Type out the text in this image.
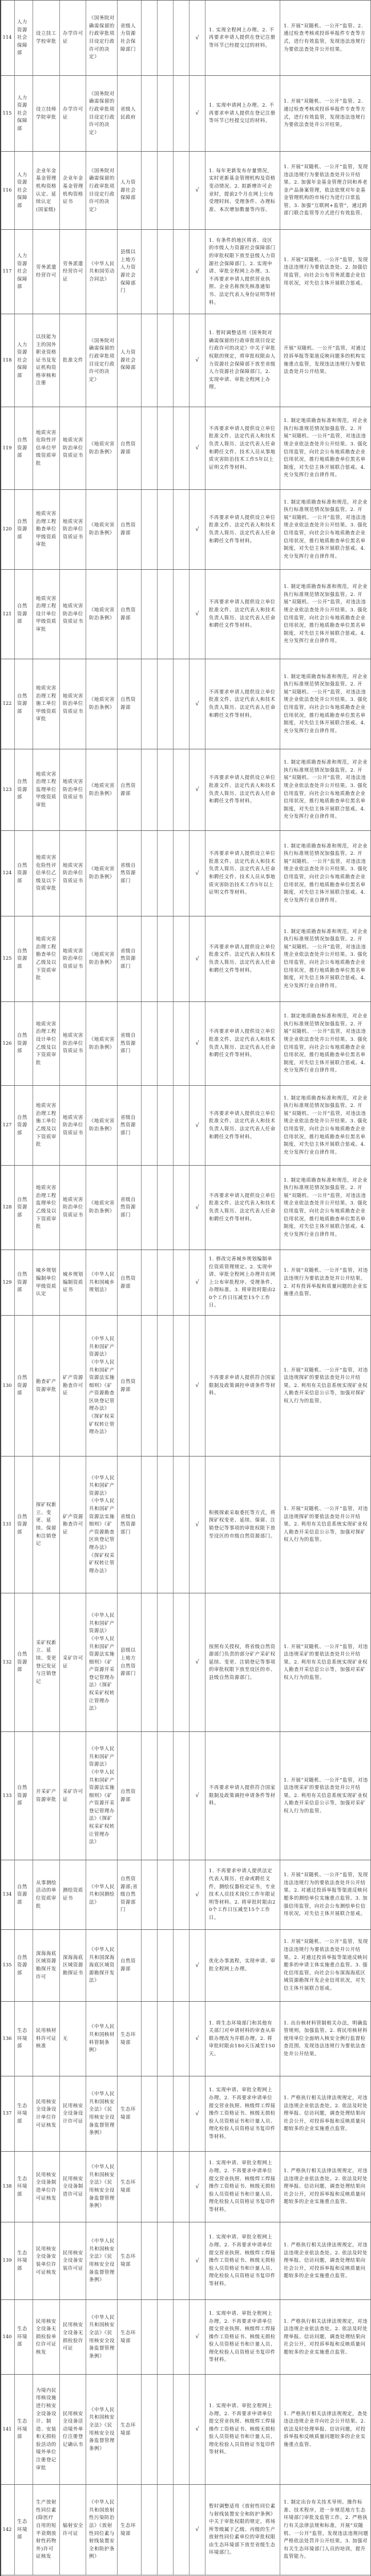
114
人力资源社会保障部
设立技工学校审批
办学许可证
《国务院对确需保留的行政审批项目设定行政许可的决定》
省级人力资源社会保障部门
√
1. 实现全程网上办理。2. 不再要求申请人提供在登记注册等环节已经提交过的材料。
1. 开展“双随机、一公开”监管。2. 通过检查考核或投诉举报件专查等方式，进行有效监管，发现违法违规行为要依法查处并公开结果。
115
人力资源社会保障部
设立技师学院审批
办学许可证
《国务院对确需保留的行政审批项目设定行政许可的决定》
省级人民政府
√
1. 实现申请网上办理。2. 不再要求申请人提供在登记注册等环节已经提交过的材料。
1. 开展“双随机、一公开”监管。2. 通过检查考核或投诉举报件专查等方式，进行有效监管，发现违法违规行为要依法查处并公开结果。
116
人力资源社会保障部
企业年金基金管理机构资格认定、延续认定(国家级)
企业年金基金管理机构资格证书
《国务院对确需保留的行政审批项目设定行政许可的决定》
人力资源社会保障部
√
1. 每年更新发布存量情况，实时更新基金管理机构及资格变动情况。2. 拟新增许可企业时，提前2个月在网上公布受理时间、受理条件、办理标准、本次增加数量等内容。
1. 开展“双随机、一公开”监管，发现违法违规行为要依法查处并公开结果。2. 加强年金基金管理合同和养老金产品备案管理，依法依规对年金基金管理机构的市场行为进行日常监管。3. 加强“互联网+监管”，通过跨部门联合监管等方式进行有效监管。
117
人力资源社会保障部
劳务派遣经营许可
劳务派遣经营许可证
《中华人民共和国劳动合同法》
县级以上地方人力资源社会保障部门
√
1. 有条件的地区将省、设区的市级人力资源社会保障部门的审批权限下放至县级人力资源社会保障部门。2. 实现申请、审批全程网上办理。3. 不再要求申请人提供营业执照、企业名称预先核准通知书、法定代表人身份证明等材料。
1. 开展“双随机、一公开”监管，发现违法违规行为要依法查处。2. 加强信用监管，向社会公布劳务派遣企业信用状况，对失信主体开展联合惩戒。
118
人力资源社会保障部
以技能为主的国外职业资格证书及发证机构资格审核和注册
批准文件
《国务院对确需保留的行政审批项目设定行政许可的决定》
人力资源社会保障部
√
1. 暂时调整适用《国务院对确需保留的行政审批项目设定行政许可的决定》中关于审批权限的规定，将审批权限由人力资源社会保障部下放至省级人力资源社会保障部门。2. 实现申请、审批全程网上办理。
开展“双随机、一公开”监管，对通过投诉举报等渠道反映问题多的机构实施重点监管，发现违法违规行为要依法查处并公开结果。
119
自然资源部
地质灾害危险性评估单位甲级资质审批
地质灾害防治单位资质证书
《地质灾害防治条例》
自然资源部
√
不再要求申请人提供设立单位批准文件、法定代表人和技术负责人简历、法定代表人任命和聘任文件、技术人员从事地质灾害防治技术工作5年以上证明文件等材料。
1. 制定地质勘查标准和规范，对企业执行标准规范情况加强监管。2. 开展“双随机、一公开”监管，对违法违规企业依法查处并公开结果。3. 强化信用监管，向社会公布地质勘查企业信用状况，推行地质勘查单位黑名单制度，对失信主体开展联合惩戒。4. 充分发挥行业自律作用。
120
自然资源部
地质灾害治理工程勘查单位甲级资质审批
地质灾害防治单位资质证书
《地质灾害防治条例》
自然资源部
√
不再要求申请人提供设立单位批准文件、法定代表人和技术负责人简历、法定代表人任命和聘任文件等材料。
1. 制定地质勘查标准和规范，对企业执行标准规范情况加强监管。2. 开展“双随机、一公开”监管，对违法违规企业依法查处并公开结果。3. 强化信用监管，向社会公布地质勘查企业信用状况，推行地质勘查单位黑名单制度，对失信主体开展联合惩戒。4. 充分发挥行业自律作用。
121
自然资源部
地质灾害治理工程设计单位甲级资质审批
地质灾害防治单位资质证书
《地质灾害防治条例》
自然资源部
√
不再要求申请人提供设立单位批准文件、法定代表人和技术负责人简历、法定代表人任命和聘任文件等材料。
1. 制定地质勘查标准和规范，对企业执行标准规范情况加强监管。2. 开展“双随机、一公开”监管，对违法违规企业依法查处并公开结果。3. 强化信用监管，向社会公布地质勘查企业信用状况，推行地质勘查单位黑名单制度，对失信主体开展联合惩戒。4. 充分发挥行业自律作用。
122
自然资源部
地质灾害治理工程施工单位甲级资质审批
地质灾害防治单位资质证书
《地质灾害防治条例》
自然资源部
√
不再要求申请人提供设立单位批准文件、法定代表人和技术负责人简历、法定代表人任命和聘任文件等材料。
1. 制定地质勘查标准和规范，对企业执行标准规范情况加强监管。2. 开展“双随机、一公开”监管，对违法违规企业依法查处并公开结果。3. 强化信用监管，向社会公布地质勘查企业信用状况，推行地质勘查单位黑名单制度，对失信主体开展联合惩戒。4. 充分发挥行业自律作用。
123
自然资源部
地质灾害治理工程监理单位甲级资质审批
地质灾害防治单位资质证书
《地质灾害防治条例》
自然资源部
√
不再要求申请人提供设立单位批准文件、法定代表人和技术负责人简历、法定代表人任命和聘任文件等材料。
1. 制定地质勘查标准和规范，对企业执行标准规范情况加强监管。2. 开展“双随机、一公开”监管，对违法违规企业依法查处并公开结果。3. 强化信用监管，向社会公布地质勘查企业信用状况，推行地质勘查单位黑名单制度，对失信主体开展联合惩戒。4. 充分发挥行业自律作用。
124
自然资源部
地质灾害危险性评估单位乙级及以下资质审批
地质灾害防治单位资质证书
《地质灾害防治条例》
省级自然资源部门
√
不再要求申请人提供设立单位批准文件、法定代表人和技术负责人简历、法定代表人任命和聘任文件、技术人员从事地质灾害防治技术工作5年以上证明文件等材料。
1. 制定地质勘查标准和规范，对企业执行标准规范情况加强监管。2. 开展“双随机、一公开”监管，对违法违规企业依法查处并公开结果。3. 强化信用监管，向社会公布地质勘查企业信用状况，推行地质勘查单位黑名单制度，对失信主体开展联合惩戒。4. 充分发挥行业自律作用。
125
自然资源部
地质灾害治理工程勘查单位乙级及以下资质审批
地质灾害防治单位资质证书
《地质灾害防治条例》
省级自然资源部门
√
不再要求申请人提供设立单位批准文件、法定代表人和技术负责人简历、法定代表人任命和聘任文件等材料。
1. 制定地质勘查标准和规范，对企业执行标准规范情况加强监管。2. 开展“双随机、一公开”监管，对违法违规企业依法查处并公开结果。3. 强化信用监管，向社会公布地质勘查企业信用状况，推行地质勘查单位黑名单制度，对失信主体开展联合惩戒。4. 充分发挥行业自律作用。
126
自然资源部
地质灾害治理工程设计单位乙级及以下资质审批
地质灾害防治单位资质证书
《地质灾害防治条例》
省级自然资源部门
√
不再要求申请人提供设立单位批准文件、法定代表人和技术负责人简历、法定代表人任命和聘任文件等材料。
1. 制定地质勘查标准和规范，对企业执行标准规范情况加强监管。2. 开展“双随机、一公开”监管，对违法违规企业依法查处并公开结果。3. 强化信用监管，向社会公布地质勘查企业信用状况，推行地质勘查单位黑名单制度，对失信主体开展联合惩戒。4. 充分发挥行业自律作用。
127
自然资源部
地质灾害治理工程施工单位乙级及以下资质审批
地质灾害防治单位资质证书
《地质灾害防治条例》
省级自然资源部门
√
不再要求申请人提供设立单位批准文件、法定代表人和技术负责人简历、法定代表人任命和聘任文件等材料。
1. 制定地质勘查标准和规范，对企业执行标准规范情况加强监管。2. 开展“双随机、一公开”监管，对违法违规企业依法查处并公开结果。3. 强化信用监管，向社会公布地质勘查企业信用状况，推行地质勘查单位黑名单制度，对失信主体开展联合惩戒。4. 充分发挥行业自律作用。
128
自然资源部
地质灾害治理工程监理单位乙级及以下资质审批
地质灾害防治单位资质证书
《地质灾害防治条例》
省级自然资源部门
√
不再要求申请人提供设立单位批准文件、法定代表人和技术负责人简历、法定代表人任命和聘任文件等材料。
1. 制定地质勘查标准和规范，对企业执行标准规范情况加强监管。2. 开展“双随机、一公开”监管，对违法违规企业依法查处并公开结果。3. 强化信用监管，向社会公布地质勘查企业信用状况，推行地质勘查单位黑名单制度，对失信主体开展联合惩戒。4. 充分发挥行业自律作用。
129
自然资源部
城乡规划编制单位甲级资质认定
城乡规划编制资质证书
《中华人民共和国城乡规划法》
自然资源部
√
1. 修改完善城乡规划编制单位资质管理规定。2. 实现申请、审批全程网上办理并在网上公布审批程序、受理条件、办理标准。3. 将审批时限由20个工作日压减至15个工作日。
1. 开展“双随机、一公开”监管，对违法违规行为要依法查处并公开结果。2. 对有投诉举报和质量问题的企业实施重点监管。
130
自然资源部
勘查矿产资源审批
矿产资源勘查许可证
《中华人民共和国矿产资源法》《中华人民共和国矿产资源法实施细则》《矿产资源勘查区块登记管理办法》《探矿权采矿权转让管理办法》
自然资源部
√
不再要求申请人提供符合国家限制及政策调控申请条件等材料。
1. 开展“双随机、一公开”监管，对违法违规探矿的要依法查处并公开结果。2. 利用有关信息系统实现矿业权人勘查开采信息公示等，加强对探矿权人行为的监管。
131
自然资源部
探矿权新立、变更、延续、保留和注销登记
矿产资源勘查许可证
《中华人民共和国矿产资源法》《中华人民共和国矿产资源法实施细则》《矿产资源勘查区块登记管理办法》《探矿权采矿权转让管理办法》
省级自然资源部门
√
积极探索采取委托等方式，将探矿权变更、延续、保留、注销登记等事项的审批权限下放至设区的市级自然资源部门。
1. 开展“双随机、一公开”监管，对违法违规探矿的要依法查处并公开结果。2. 利用有关信息系统实现矿业权人勘查开采信息公示等，加强对探矿权人行为的监管。
132
自然资源部
采矿权新立、延续、变更登记发证与注销登记
采矿许可证
《中华人民共和国矿产资源法》《中华人民共和国矿产资源法实施细则》《矿产资源开采登记管理办法》《探矿权采矿权转让管理办法》
县级以上地方自然资源部门
√
按照有关授权，将省级自然资源部门负责的部分矿产采矿权延续、变更、注销登记等事项的审批权限下放至设区的市、县级自然资源部门。
1. 开展“双随机、一公开”监管，对违法违规采矿的要依法查处并公开结果。2. 利用有关信息系统实现矿业权人勘查开采信息公示等，加强对采矿权人行为的监管。
133
自然资源部
开采矿产资源审批
采矿许可证
《中华人民共和国矿产资源法》《中华人民共和国矿产资源法实施细则》《矿产资源开采登记管理办法》《探矿权采矿权转让管理办法》
自然资源部
√
不再要求申请人提供符合国家限制及政策调控申请条件等材料。
1. 开展“双随机、一公开”监管，对违法违规采矿的要依法查处并公开结果。2. 利用有关信息系统实现矿业权人勘查开采信息公示等，加强对采矿权人行为的监管。
134
自然资源部
从事测绘活动的单位资质审批
测绘资质证书
《中华人民共和国测绘法》
自然资源部;省级自然资源部门
√
1. 不再要求申请人提供法定代表人简历、任命或聘任文件，测绘仪器检定证书，专业技术人员技术岗位工作年限证明等材料。2. 将审批时限由20个工作日压减至15个工作日。
1. 开展“双随机、一公开”监管，发现违法违规行为的要依法查处并公开结果。2. 对通过投诉举报等渠道反映问题多的测绘单位实施重点监管。3. 加强信用监管，向社会公布测绘单位信用状况，对失信主体开展联合惩戒。
135
自然资源部
深海海底区域资源勘探开发许可
深海海底区域资源勘探证书
《中华人民共和国深海海底区域资源勘探开发法》
自然资源部
√
优化办事流程，实现申请、审批全程网上办理。
1. 开展“双随机、一公开”监管，发现违法违规行为要依法查处并公开结果。2. 对通过投诉举报等渠道反映问题多的申请主体实施重点监管。3. 强化信用监管，向社会公布深海海底区域资源勘探开发企业信用状况，对失信主体开展联合惩戒。
136
生态环境部
民用核材料许可证核准
无
《中华人民共和国核材料管制条例》
生态环境部
√
1. 将生态环境部门和其他有关部门对申请材料的审查从串联办理改为并联办理。2. 将审批时限由180天压减至150天。
1. 出台核材料管制相关办法，明确监管规则，加强监管。2. 将民用核材料使用单位全面纳入核安全例行监督检查范围，发现违法违规行为要依法查处并公开结果。
137
生态环境部
民用核安全设备设计单位许可证核发
民用核安全设备设计许可证
《中华人民共和国核安全法》《民用核安全设备监督管理条例》
生态环境部
√
1. 实现申请、审批全程网上办理。2. 不再要求申请单位提交营业执照、核级焊工焊接操作工资格证书、核级无损检验人员资格证书和计量人员、理化检验人员资格证书复印件等材料。
1. 严格执行相关法律法规规定，对违法违规企业依法查处。2. 依法及时处理举报、信访问题，调查处理结果向社会公开，对投诉举报和反映质量问题较多的企业实施重点监管。
138
生态环境部
民用核安全设备制造单位许可证核发
民用核安全设备制造许可证
《中华人民共和国核安全法》《民用核安全设备监督管理条例》
生态环境部
√
1. 实现申请、审批全程网上办理。2. 不再要求申请单位提交营业执照、核级焊工焊接操作工资格证书、核级无损检验人员资格证书和计量人员、理化检验人员资格证书复印件等材料。
1. 严格执行相关法律法规规定，对违法违规企业依法查处。2. 依法及时处理举报、信访问题，调查处理结果向社会公开，对投诉举报和反映质量问题较多的企业实施重点监管。
139
生态环境部
民用核安全设备安装单位许可证核发
民用核安全设备安装许可证
《中华人民共和国核安全法》《民用核安全设备监督管理条例》
生态环境部
√
1. 实现申请、审批全程网上办理。2. 不再要求申请单位提交营业执照、核级焊工焊接操作工资格证书、核级无损检验人员资格证书和计量人员、理化检验人员资格证书复印件等材料。
1. 严格执行相关法律法规规定，对违法违规企业依法查处。2. 依法及时处理举报、信访问题，调查处理结果向社会公开，对投诉举报和反映质量问题较多的企业实施重点监管。
140
生态环境部
民用核安全设备无损检验单位许可证核发
民用核安全设备无损检验许可证
《中华人民共和国核安全法》《民用核安全设备监督管理条例》
生态环境部
√
1. 实现申请、审批全程网上办理。2. 不再要求申请单位提交营业执照、核级焊工焊接操作工资格证书、核级无损检验人员资格证书和计量人员、理化检验人员资格证书复印件等材料。
1. 严格执行相关法律法规规定，对违法违规企业依法查处。2. 依法及时处理举报、信访问题，调查处理结果向社会公开，对投诉举报和反映质量问题较多的企业实施重点监管。
141
生态环境部
为境内民用核设施进行核安全设备设计、制造、安装和无损检验活动的境外单位注册登记审批
民用核安全设备活动境外单位注册登记确认书
《中华人民共和国核安全法》《民用核安全设备监督管理条例》
生态环境部
√
1. 实现申请、审批全程网上办理。2. 不再要求申请单位提交营业执照、核级焊工焊接操作工资格证书、核级无损检验人员资格证书和计量人员、理化检验人员资格证书复印件等材料。
1. 严格执行相关法律法规规定，查处违法违规企业并向社会公开结果。2. 依法及时处理举报、信访问题，对投诉举报和反映质量问题较多的企业实施重点监管。
142
生态环境部
生产放射性同位素(除医疗自用的短半衰期放射性药物外)许可证核发
辐射安全许可证
《中华人民共和国放射性污染防治法》《放射性同位素与射线装置安全和防护条例》
生态环境部
√
暂时调整适用《放射性同位素与射线装置安全和防护条例》中关于审批权限的规定，将场所等级属于乙级、丙级的生产放射性同位素单位的审批权限由生态环境部下放至省级生态环境部门。
1. 制定出台有关技术导则、操作标准、技术程序，进一步规范地方生态环境部门审批及监管工作。2. 严格执行有关法律法规和标准，开展“双随机、一公开”监管，发现违法违规问题严格依法处罚并公开结果。3. 加强对有关生态环境部门人员的培训，提升监管能力。
